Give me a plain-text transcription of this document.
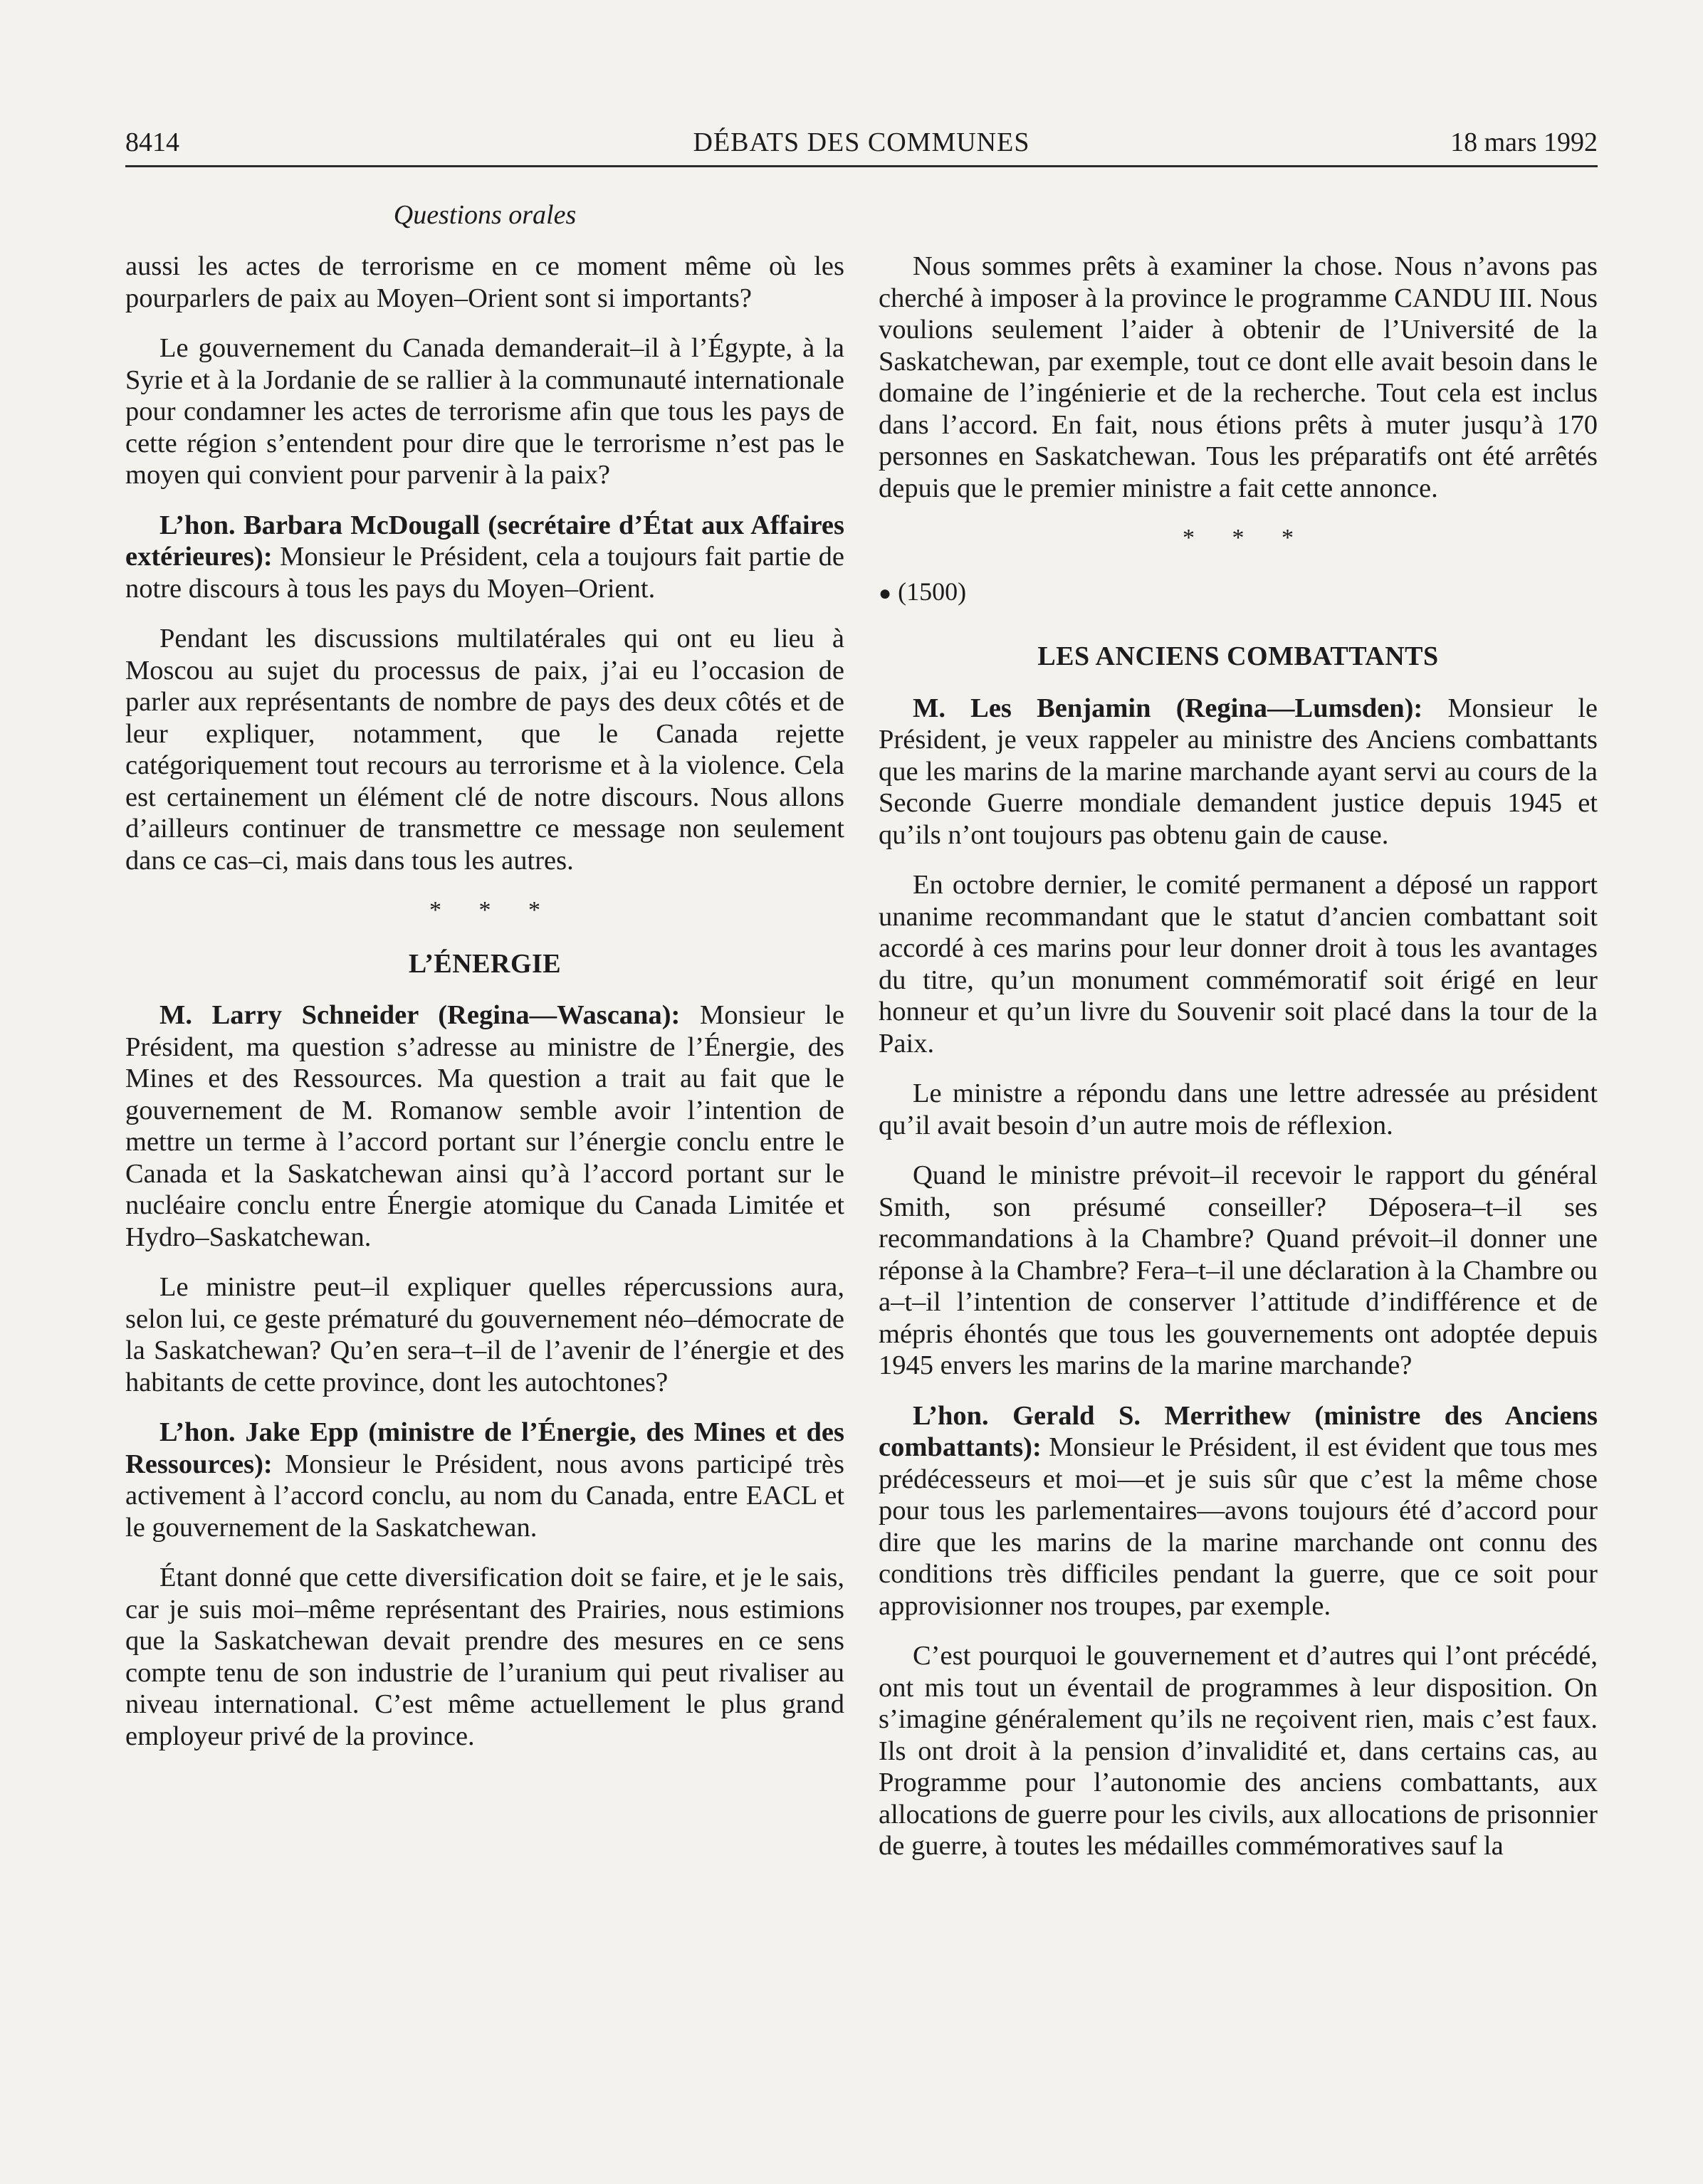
8414	DÉBATS DES COMMUNES	18 mars 1992
Questions orales

aussi les actes de terrorisme en ce moment même où les pourparlers de paix au Moyen–Orient sont si importants?

Le gouvernement du Canada demanderait–il à l’Égypte, à la Syrie et à la Jordanie de se rallier à la communauté internationale pour condamner les actes de terrorisme afin que tous les pays de cette région s’entendent pour dire que le terrorisme n’est pas le moyen qui convient pour parvenir à la paix?

L’hon. Barbara McDougall (secrétaire d’État aux Affaires extérieures): Monsieur le Président, cela a toujours fait partie de notre discours à tous les pays du Moyen–Orient.

Pendant les discussions multilatérales qui ont eu lieu à Moscou au sujet du processus de paix, j’ai eu l’occasion de parler aux représentants de nombre de pays des deux côtés et de leur expliquer, notamment, que le Canada rejette catégoriquement tout recours au terrorisme et à la violence. Cela est certainement un élément clé de notre discours. Nous allons d’ailleurs continuer de transmettre ce message non seulement dans ce cas–ci, mais dans tous les autres.

* * *
L’ÉNERGIE

M. Larry Schneider (Regina—Wascana): Monsieur le Président, ma question s’adresse au ministre de l’Énergie, des Mines et des Ressources. Ma question a trait au fait que le gouvernement de M. Romanow semble avoir l’intention de mettre un terme à l’accord portant sur l’énergie conclu entre le Canada et la Saskatchewan ainsi qu’à l’accord portant sur le nucléaire conclu entre Énergie atomique du Canada Limitée et Hydro–Saskatchewan.

Le ministre peut–il expliquer quelles répercussions aura, selon lui, ce geste prématuré du gouvernement néo–démocrate de la Saskatchewan? Qu’en sera–t–il de l’avenir de l’énergie et des habitants de cette province, dont les autochtones?

L’hon. Jake Epp (ministre de l’Énergie, des Mines et des Ressources): Monsieur le Président, nous avons participé très activement à l’accord conclu, au nom du Canada, entre EACL et le gouvernement de la Saskatchewan.

Étant donné que cette diversification doit se faire, et je le sais, car je suis moi–même représentant des Prairies, nous estimions que la Saskatchewan devait prendre des mesures en ce sens compte tenu de son industrie de l’uranium qui peut rivaliser au niveau international. C’est même actuellement le plus grand employeur privé de la province.

Nous sommes prêts à examiner la chose. Nous n’avons pas cherché à imposer à la province le programme CANDU III. Nous voulions seulement l’aider à obtenir de l’Université de la Saskatchewan, par exemple, tout ce dont elle avait besoin dans le domaine de l’ingénierie et de la recherche. Tout cela est inclus dans l’accord. En fait, nous étions prêts à muter jusqu’à 170 personnes en Saskatchewan. Tous les préparatifs ont été arrêtés depuis que le premier ministre a fait cette annonce.

* * *
● (1500)
LES ANCIENS COMBATTANTS

M. Les Benjamin (Regina—Lumsden): Monsieur le Président, je veux rappeler au ministre des Anciens combattants que les marins de la marine marchande ayant servi au cours de la Seconde Guerre mondiale demandent justice depuis 1945 et qu’ils n’ont toujours pas obtenu gain de cause.

En octobre dernier, le comité permanent a déposé un rapport unanime recommandant que le statut d’ancien combattant soit accordé à ces marins pour leur donner droit à tous les avantages du titre, qu’un monument commémoratif soit érigé en leur honneur et qu’un livre du Souvenir soit placé dans la tour de la Paix.

Le ministre a répondu dans une lettre adressée au président qu’il avait besoin d’un autre mois de réflexion.

Quand le ministre prévoit–il recevoir le rapport du général Smith, son présumé conseiller? Déposera–t–il ses recommandations à la Chambre? Quand prévoit–il donner une réponse à la Chambre? Fera–t–il une déclaration à la Chambre ou a–t–il l’intention de conserver l’attitude d’indifférence et de mépris éhontés que tous les gouvernements ont adoptée depuis 1945 envers les marins de la marine marchande?

L’hon. Gerald S. Merrithew (ministre des Anciens combattants): Monsieur le Président, il est évident que tous mes prédécesseurs et moi—et je suis sûr que c’est la même chose pour tous les parlementaires—avons toujours été d’accord pour dire que les marins de la marine marchande ont connu des conditions très difficiles pendant la guerre, que ce soit pour approvisionner nos troupes, par exemple.

C’est pourquoi le gouvernement et d’autres qui l’ont précédé, ont mis tout un éventail de programmes à leur disposition. On s’imagine généralement qu’ils ne reçoivent rien, mais c’est faux. Ils ont droit à la pension d’invalidité et, dans certains cas, au Programme pour l’autonomie des anciens combattants, aux allocations de guerre pour les civils, aux allocations de prisonnier de guerre, à toutes les médailles commémoratives sauf la
